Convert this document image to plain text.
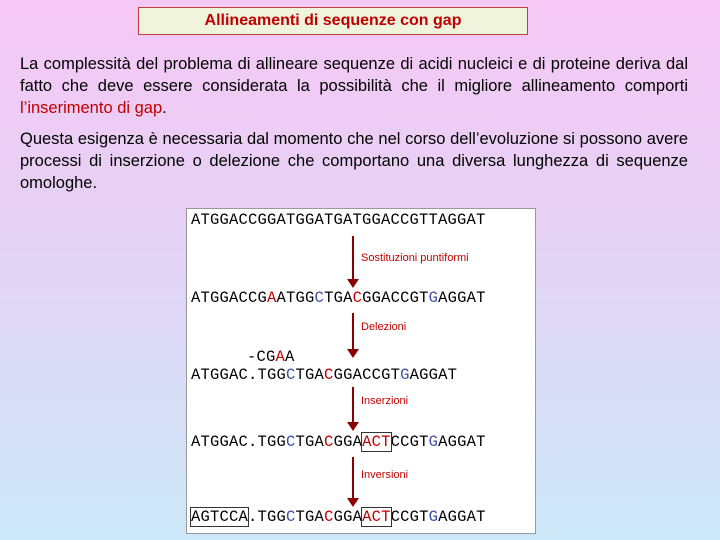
Allineamenti di sequenze con gap

La complessità del problema di allineare sequenze di acidi nucleici e di proteine deriva dal fatto che deve essere considerata la possibilità che il migliore allineamento comporti l’inserimento di gap.

Questa esigenza è necessaria dal momento che nel corso dell’evoluzione si possono avere processi di inserzione o delezione che comportano una diversa lunghezza di sequenze omologhe.

ATGGACCGGATGGATGATGGACCGTTAGGAT
Sostituzioni puntiformi
ATGGACCGAATGGCTGACGGACCGTGAGGAT
Delezioni
-CGAA
ATGGAC.TGGCTGACGGACCGTGAGGAT
Inserzioni
ATGGAC.TGGCTGACGGAACTCCGTGAGGAT
Inversioni
AGTCCA.TGGCTGACGGAACTCCGTGAGGAT
